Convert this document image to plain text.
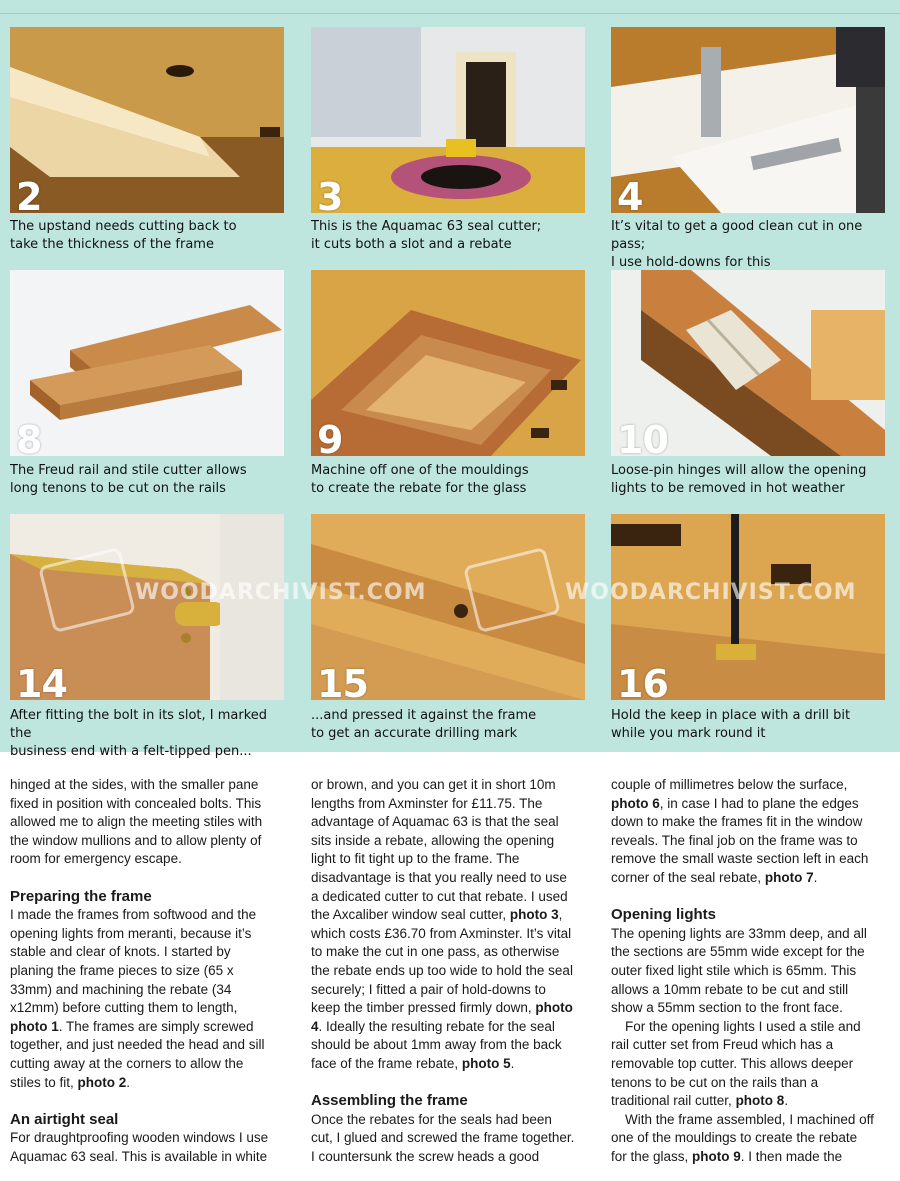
2	3	4
The upstand needs cutting back to
take the thickness of the frame
This is the Aquamac 63 seal cutter;
it cuts both a slot and a rebate
It’s vital to get a good clean cut in one pass;
I use hold-downs for this
8	9	10
The Freud rail and stile cutter allows
long tenons to be cut on the rails
Machine off one of the mouldings
to create the rebate for the glass
Loose-pin hinges will allow the opening
lights to be removed in hot weather
14	15	16
WOODARCHIVIST.COM	WOODARCHIVIST.COM
After fitting the bolt in its slot, I marked the
business end with a felt-tipped pen...
...and pressed it against the frame
to get an accurate drilling mark
Hold the keep in place with a drill bit
while you mark round it

hinged at the sides, with the smaller pane
fixed in position with concealed bolts. This
allowed me to align the meeting stiles with
the window mullions and to allow plenty of
room for emergency escape.

Preparing the frame

I made the frames from softwood and the
opening lights from meranti, because it’s
stable and clear of knots. I started by
planing the frame pieces to size (65 x
33mm) and machining the rebate (34
x12mm) before cutting them to length,
photo 1. The frames are simply screwed
together, and just needed the head and sill
cutting away at the corners to allow the
stiles to fit, photo 2.

An airtight seal

For draughtproofing wooden windows I use
Aquamac 63 seal. This is available in white

or brown, and you can get it in short 10m
lengths from Axminster for £11.75. The
advantage of Aquamac 63 is that the seal
sits inside a rebate, allowing the opening
light to fit tight up to the frame. The
disadvantage is that you really need to use
a dedicated cutter to cut that rebate. I used
the Axcaliber window seal cutter, photo 3,
which costs £36.70 from Axminster. It’s vital
to make the cut in one pass, as otherwise
the rebate ends up too wide to hold the seal
securely; I fitted a pair of hold-downs to
keep the timber pressed firmly down, photo
4. Ideally the resulting rebate for the seal
should be about 1mm away from the back
face of the frame rebate, photo 5.

Assembling the frame

Once the rebates for the seals had been
cut, I glued and screwed the frame together.
I countersunk the screw heads a good

couple of millimetres below the surface,
photo 6, in case I had to plane the edges
down to make the frames fit in the window
reveals. The final job on the frame was to
remove the small waste section left in each
corner of the seal rebate, photo 7.

Opening lights

The opening lights are 33mm deep, and all
the sections are 55mm wide except for the
outer fixed light stile which is 65mm. This
allows a 10mm rebate to be cut and still
show a 55mm section to the front face.

For the opening lights I used a stile and
rail cutter set from Freud which has a
removable top cutter. This allows deeper
tenons to be cut on the rails than a
traditional rail cutter, photo 8.

With the frame assembled, I machined off
one of the mouldings to create the rebate
for the glass, photo 9. I then made the
